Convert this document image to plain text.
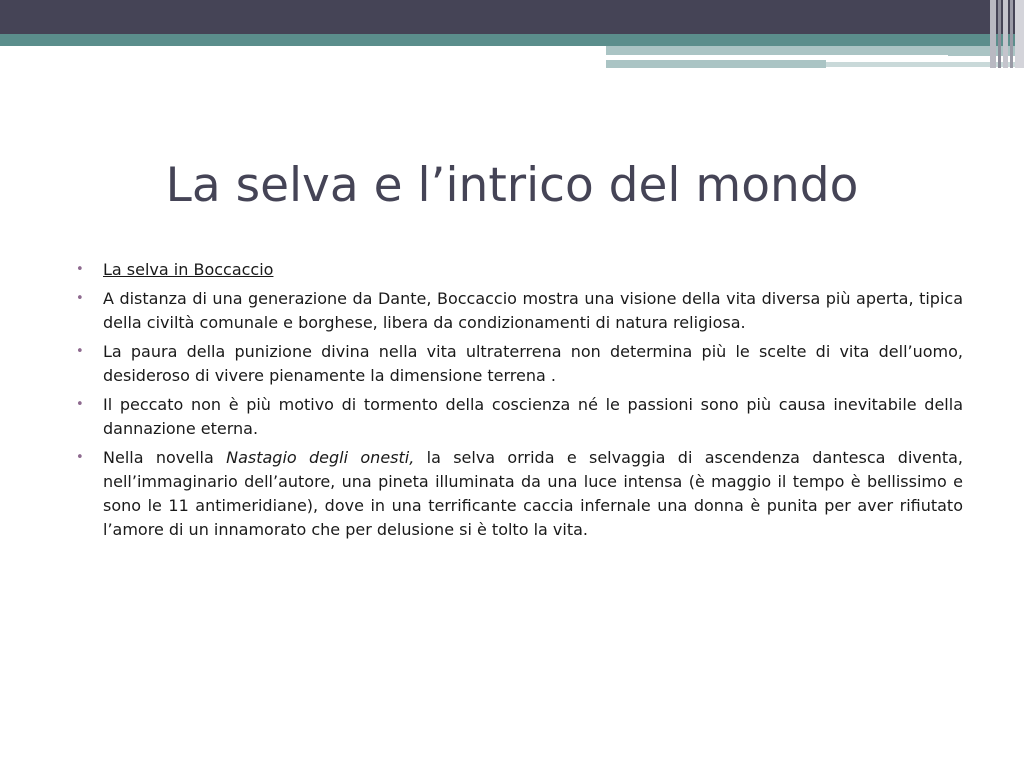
La selva e l’intrico del mondo
• La selva in Boccaccio
• A distanza di una generazione da Dante, Boccaccio mostra una visione della vita diversa più aperta, tipica della civiltà comunale e borghese, libera da condizionamenti di natura religiosa.
• La paura della punizione divina nella vita ultraterrena non determina più le scelte di vita dell’uomo, desideroso di vivere pienamente la dimensione terrena .
• Il peccato non è più motivo di tormento della coscienza né le passioni sono più causa inevitabile della dannazione eterna.
• Nella novella Nastagio degli onesti, la selva orrida e selvaggia di ascendenza dantesca diventa, nell’immaginario dell’autore, una pineta illuminata da una luce intensa (è maggio il tempo è bellissimo e sono le 11 antimeridiane), dove in una terrificante caccia infernale una donna è punita per aver rifiutato l’amore di un innamorato che per delusione si è tolto la vita.
